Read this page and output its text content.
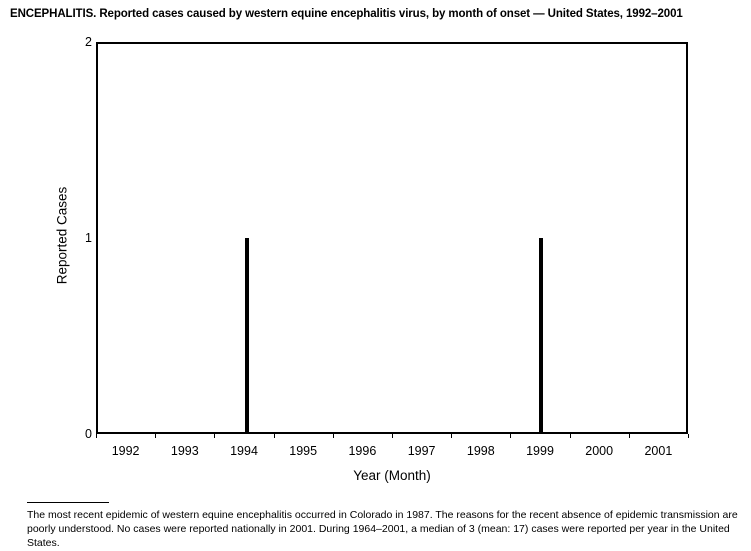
ENCEPHALITIS. Reported cases caused by western equine encephalitis virus, by month of onset — United States, 1992–2001
0
1
2
Reported Cases
1992	1993	1994	1995	1996	1997	1998	1999	2000	2001
Year (Month)
The most recent epidemic of western equine encephalitis occurred in Colorado in 1987. The reasons for the recent absence of epidemic transmission are poorly understood. No cases were reported nationally in 2001. During 1964–2001, a median of 3 (mean: 17) cases were reported per year in the United States.
